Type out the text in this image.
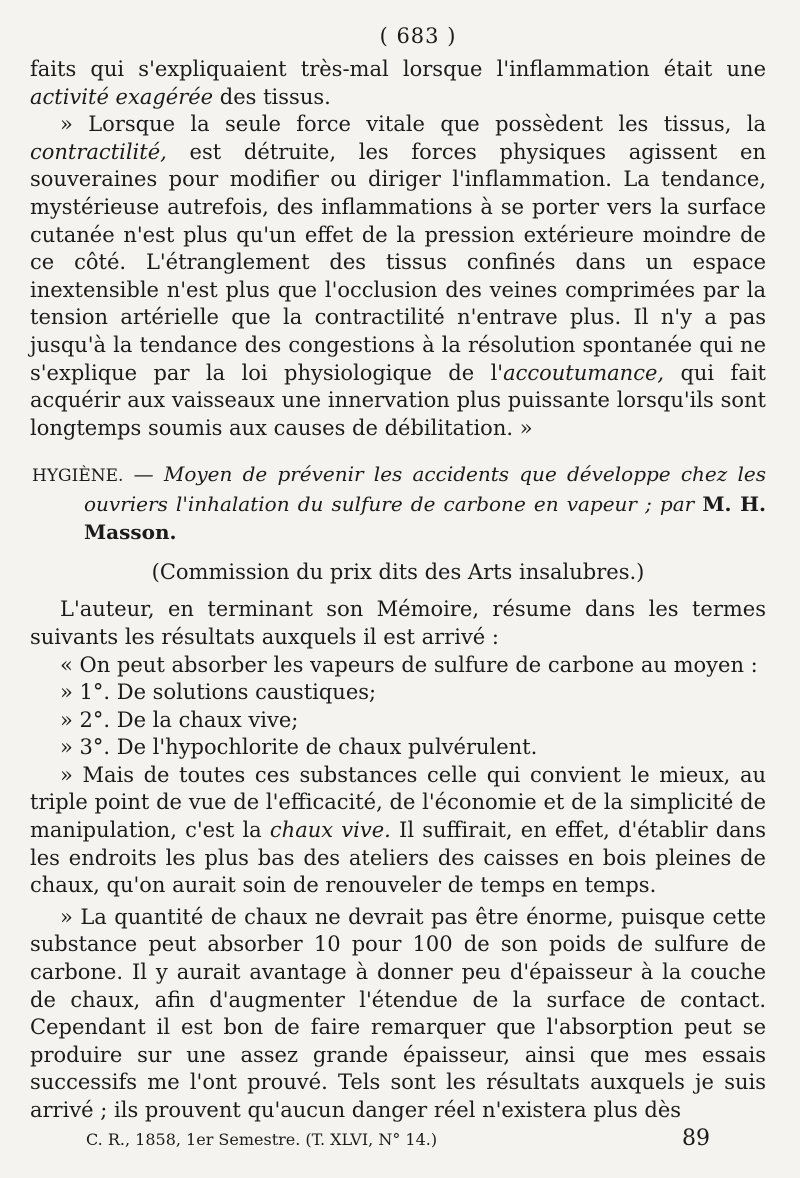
( 683 )

faits qui s'expliquaient très-mal lorsque l'inflammation était une activité exagérée des tissus.

» Lorsque la seule force vitale que possèdent les tissus, la contractilité, est détruite, les forces physiques agissent en souveraines pour modifier ou diriger l'inflammation. La tendance, mystérieuse autrefois, des inflammations à se porter vers la surface cutanée n'est plus qu'un effet de la pression extérieure moindre de ce côté. L'étranglement des tissus confinés dans un espace inextensible n'est plus que l'occlusion des veines comprimées par la tension artérielle que la contractilité n'entrave plus. Il n'y a pas jusqu'à la tendance des congestions à la résolution spontanée qui ne s'explique par la loi physiologique de l'accoutumance, qui fait acquérir aux vaisseaux une innervation plus puissante lorsqu'ils sont longtemps soumis aux causes de débilitation. »

HYGIÈNE. — Moyen de prévenir les accidents que développe chez les ouvriers l'inhalation du sulfure de carbone en vapeur ; par M. H. Masson.

(Commission du prix dits des Arts insalubres.)

L'auteur, en terminant son Mémoire, résume dans les termes suivants les résultats auxquels il est arrivé :

« On peut absorber les vapeurs de sulfure de carbone au moyen :

» 1°. De solutions caustiques;

» 2°. De la chaux vive;

» 3°. De l'hypochlorite de chaux pulvérulent.

» Mais de toutes ces substances celle qui convient le mieux, au triple point de vue de l'efficacité, de l'économie et de la simplicité de manipulation, c'est la chaux vive. Il suffirait, en effet, d'établir dans les endroits les plus bas des ateliers des caisses en bois pleines de chaux, qu'on aurait soin de renouveler de temps en temps.

» La quantité de chaux ne devrait pas être énorme, puisque cette substance peut absorber 10 pour 100 de son poids de sulfure de carbone. Il y aurait avantage à donner peu d'épaisseur à la couche de chaux, afin d'augmenter l'étendue de la surface de contact. Cependant il est bon de faire remarquer que l'absorption peut se produire sur une assez grande épaisseur, ainsi que mes essais successifs me l'ont prouvé. Tels sont les résultats auxquels je suis arrivé ; ils prouvent qu'aucun danger réel n'existera plus dès

C. R., 1858, 1er Semestre. (T. XLVI, N° 14.)	89
